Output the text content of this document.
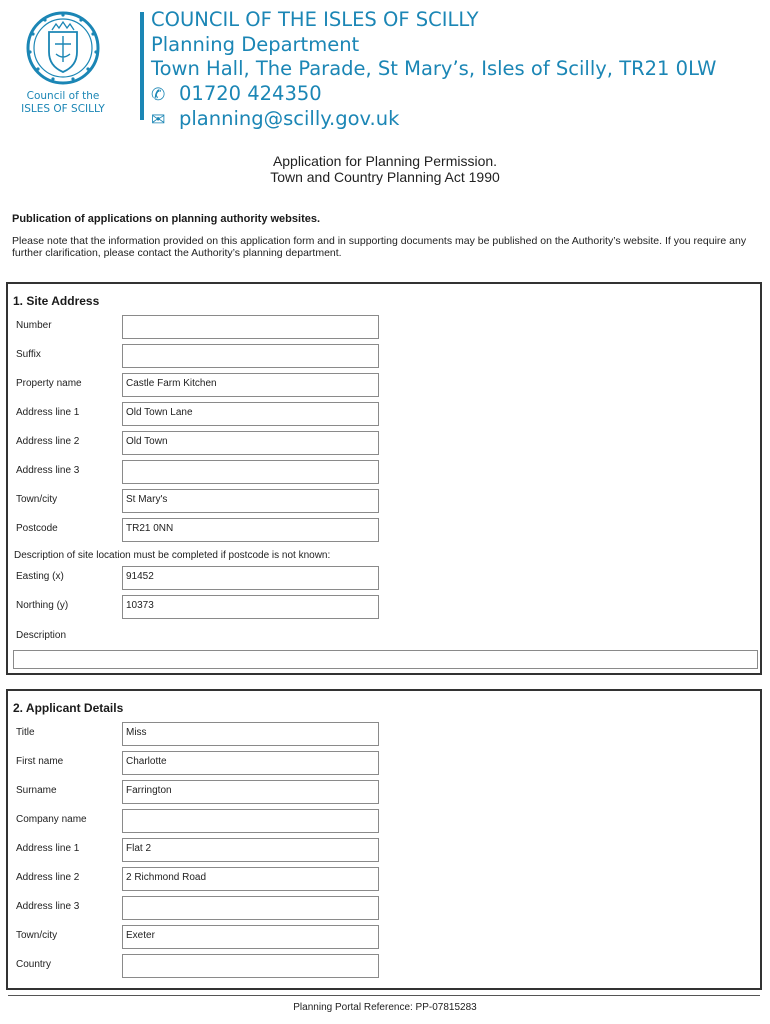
Council of the
ISLES OF SCILLY
COUNCIL OF THE ISLES OF SCILLY
Planning Department
Town Hall, The Parade, St Mary’s, Isles of Scilly, TR21 0LW
✆ 01720 424350
✉ planning@scilly.gov.uk
Application for Planning Permission.
Town and Country Planning Act 1990
Publication of applications on planning authority websites.
Please note that the information provided on this application form and in supporting documents may be published on the Authority’s website. If you require any further clarification, please contact the Authority’s planning department.
1. Site Address
Number
Suffix
Property name	Castle Farm Kitchen
Address line 1	Old Town Lane
Address line 2	Old Town
Address line 3
Town/city	St Mary's
Postcode	TR21 0NN
Description of site location must be completed if postcode is not known:
Easting (x)	91452
Northing (y)	10373
Description
2. Applicant Details
Title	Miss
First name	Charlotte
Surname	Farrington
Company name
Address line 1	Flat 2
Address line 2	2 Richmond Road
Address line 3
Town/city	Exeter
Country
Planning Portal Reference: PP-07815283
